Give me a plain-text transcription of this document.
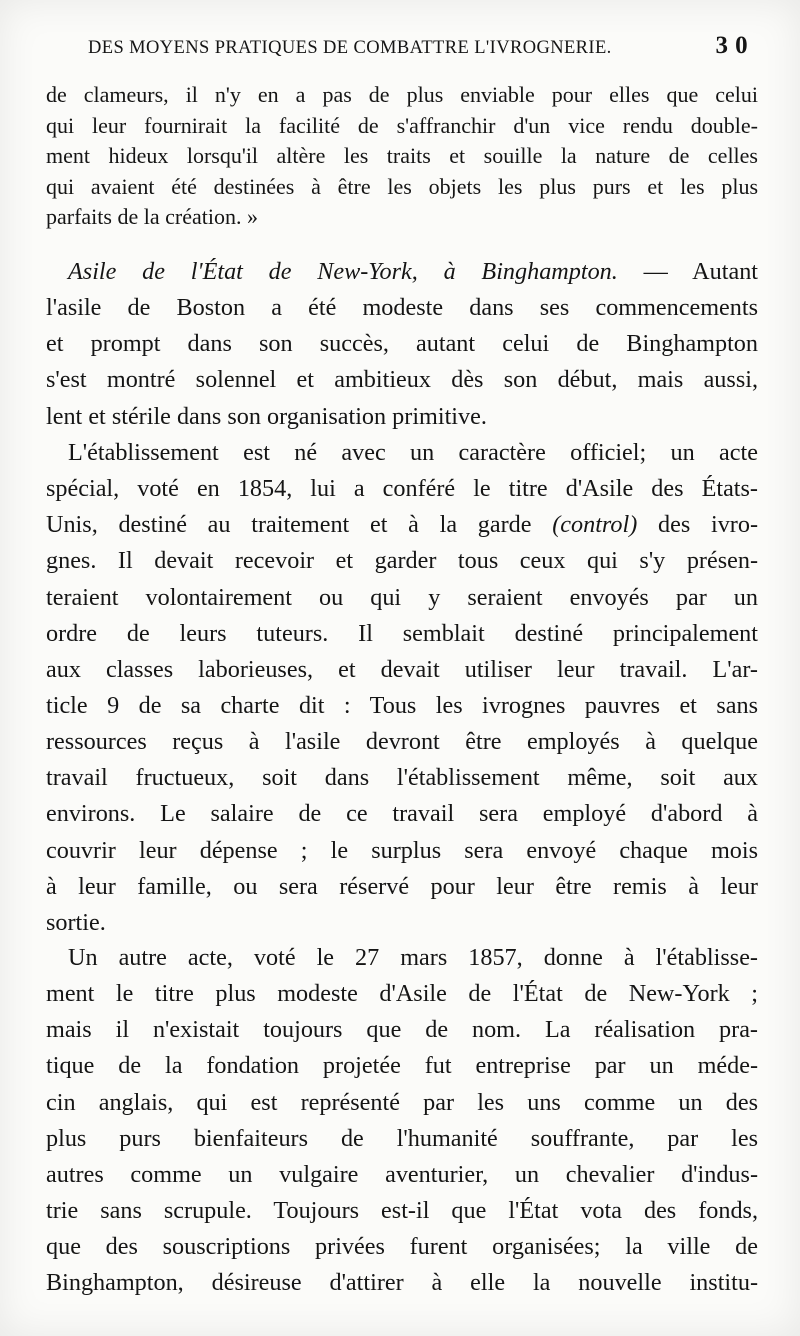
DES MOYENS PRATIQUES DE COMBATTRE L'IVROGNERIE.	3 0
de clameurs, il n'y en a pas de plus enviable pour elles que celui
qui leur fournirait la facilité de s'affranchir d'un vice rendu double-
ment hideux lorsqu'il altère les traits et souille la nature de celles
qui avaient été destinées à être les objets les plus purs et les plus
parfaits de la création. »
Asile de l'État de New-York, à Binghampton. — Autant
l'asile de Boston a été modeste dans ses commencements
et prompt dans son succès, autant celui de Binghampton
s'est montré solennel et ambitieux dès son début, mais aussi,
lent et stérile dans son organisation primitive.
L'établissement est né avec un caractère officiel; un acte
spécial, voté en 1854, lui a conféré le titre d'Asile des États-
Unis, destiné au traitement et à la garde (control) des ivro-
gnes. Il devait recevoir et garder tous ceux qui s'y présen-
teraient volontairement ou qui y seraient envoyés par un
ordre de leurs tuteurs. Il semblait destiné principalement
aux classes laborieuses, et devait utiliser leur travail. L'ar-
ticle 9 de sa charte dit : Tous les ivrognes pauvres et sans
ressources reçus à l'asile devront être employés à quelque
travail fructueux, soit dans l'établissement même, soit aux
environs. Le salaire de ce travail sera employé d'abord à
couvrir leur dépense ; le surplus sera envoyé chaque mois
à leur famille, ou sera réservé pour leur être remis à leur
sortie.
Un autre acte, voté le 27 mars 1857, donne à l'établisse-
ment le titre plus modeste d'Asile de l'État de New-York ;
mais il n'existait toujours que de nom. La réalisation pra-
tique de la fondation projetée fut entreprise par un méde-
cin anglais, qui est représenté par les uns comme un des
plus purs bienfaiteurs de l'humanité souffrante, par les
autres comme un vulgaire aventurier, un chevalier d'indus-
trie sans scrupule. Toujours est-il que l'État vota des fonds,
que des souscriptions privées furent organisées; la ville de
Binghampton, désireuse d'attirer à elle la nouvelle institu-
